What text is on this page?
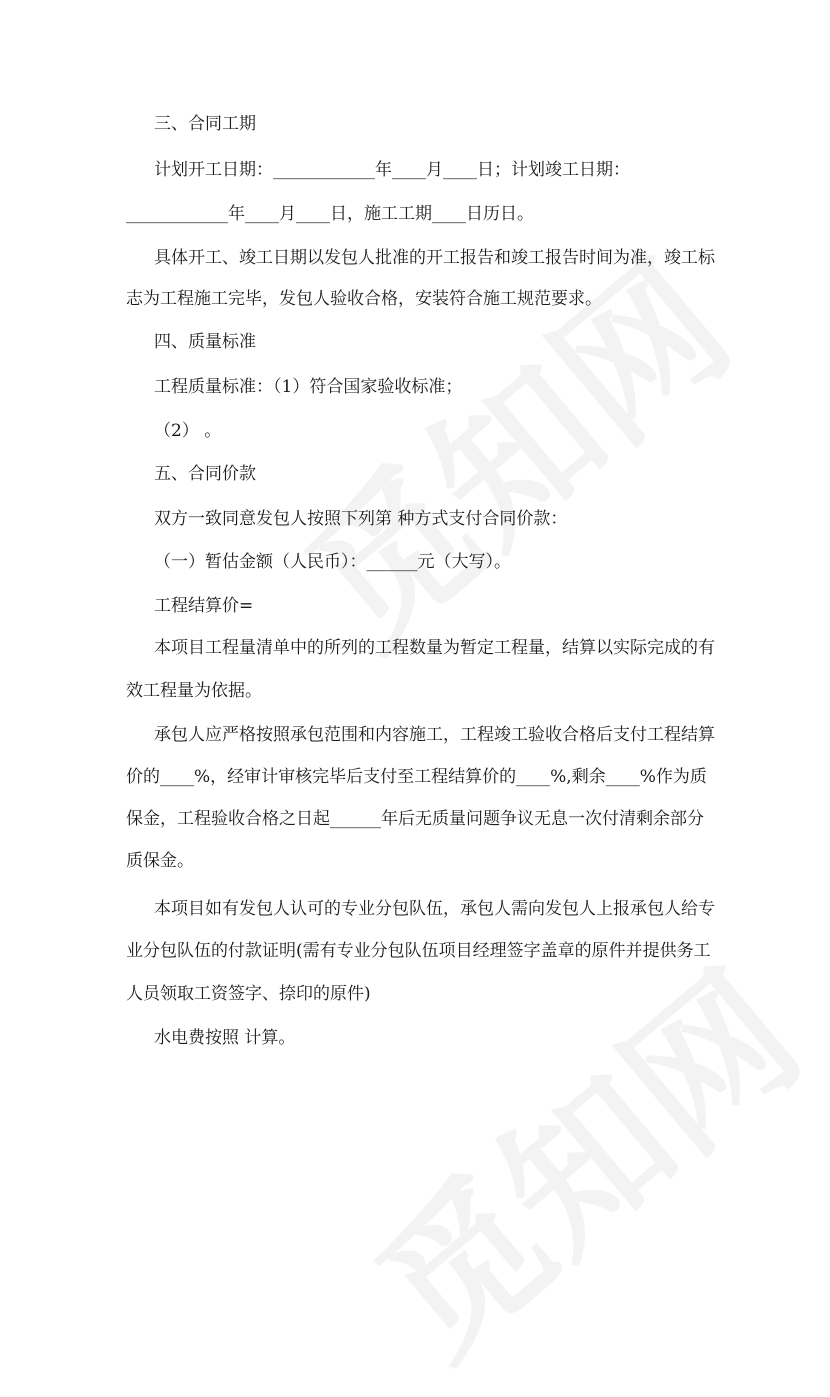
三、合同工期
计划开工日期：____________年____月____日；计划竣工日期：
____________年____月____日，施工工期____日历日。
具体开工、竣工日期以发包人批准的开工报告和竣工报告时间为准，竣工标
志为工程施工完毕，发包人验收合格，安装符合施工规范要求。
四、质量标准
工程质量标准：（1）符合国家验收标准；
（2） 。
五、合同价款
双方一致同意发包人按照下列第 种方式支付合同价款：
（一）暂估金额（人民币）：______元（大写）。
工程结算价=
本项目工程量清单中的所列的工程数量为暂定工程量，结算以实际完成的有
效工程量为依据。
承包人应严格按照承包范围和内容施工，工程竣工验收合格后支付工程结算
价的____%，经审计审核完毕后支付至工程结算价的____%,剩余____%作为质
保金，工程验收合格之日起______年后无质量问题争议无息一次付清剩余部分
质保金。
本项目如有发包人认可的专业分包队伍，承包人需向发包人上报承包人给专
业分包队伍的付款证明(需有专业分包队伍项目经理签字盖章的原件并提供务工
人员领取工资签字、捺印的原件)
水电费按照 计算。
